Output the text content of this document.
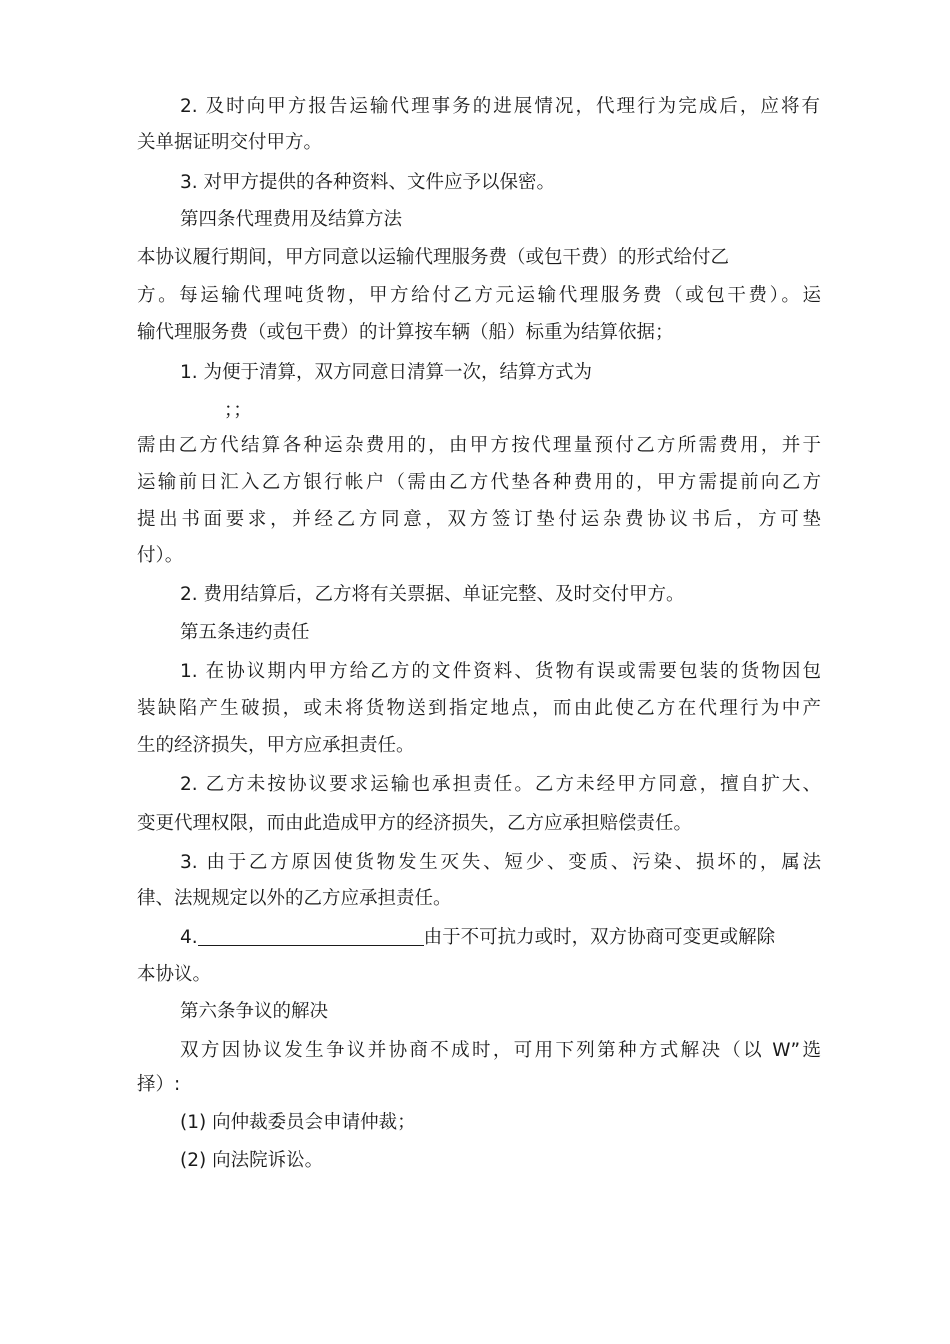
2. 及时向甲方报告运输代理事务的进展情况，代理行为完成后，应将有
关单据证明交付甲方。
3. 对甲方提供的各种资料、文件应予以保密。
第四条代理费用及结算方法
本协议履行期间，甲方同意以运输代理服务费（或包干费）的形式给付乙
方。每运输代理吨货物，甲方给付乙方元运输代理服务费（或包干费）。运
输代理服务费（或包干费）的计算按车辆（船）标重为结算依据；
1. 为便于清算，双方同意日清算一次，结算方式为
；；
需由乙方代结算各种运杂费用的，由甲方按代理量预付乙方所需费用，并于
运输前日汇入乙方银行帐户（需由乙方代垫各种费用的，甲方需提前向乙方
提出书面要求，并经乙方同意，双方签订垫付运杂费协议书后，方可垫
付）。
2. 费用结算后，乙方将有关票据、单证完整、及时交付甲方。
第五条违约责任
1. 在协议期内甲方给乙方的文件资料、货物有误或需要包装的货物因包
装缺陷产生破损，或未将货物送到指定地点，而由此使乙方在代理行为中产
生的经济损失，甲方应承担责任。
2. 乙方未按协议要求运输也承担责任。乙方未经甲方同意，擅自扩大、
变更代理权限，而由此造成甲方的经济损失，乙方应承担赔偿责任。
3. 由于乙方原因使货物发生灭失、短少、变质、污染、损坏的，属法
律、法规规定以外的乙方应承担责任。
4.	由于不可抗力或时，双方协商可变更或解除
本协议。
第六条争议的解决
双方因协议发生争议并协商不成时，可用下列第种方式解决（以 W”选
择）:
(1) 向仲裁委员会申请仲裁；
(2) 向法院诉讼。
